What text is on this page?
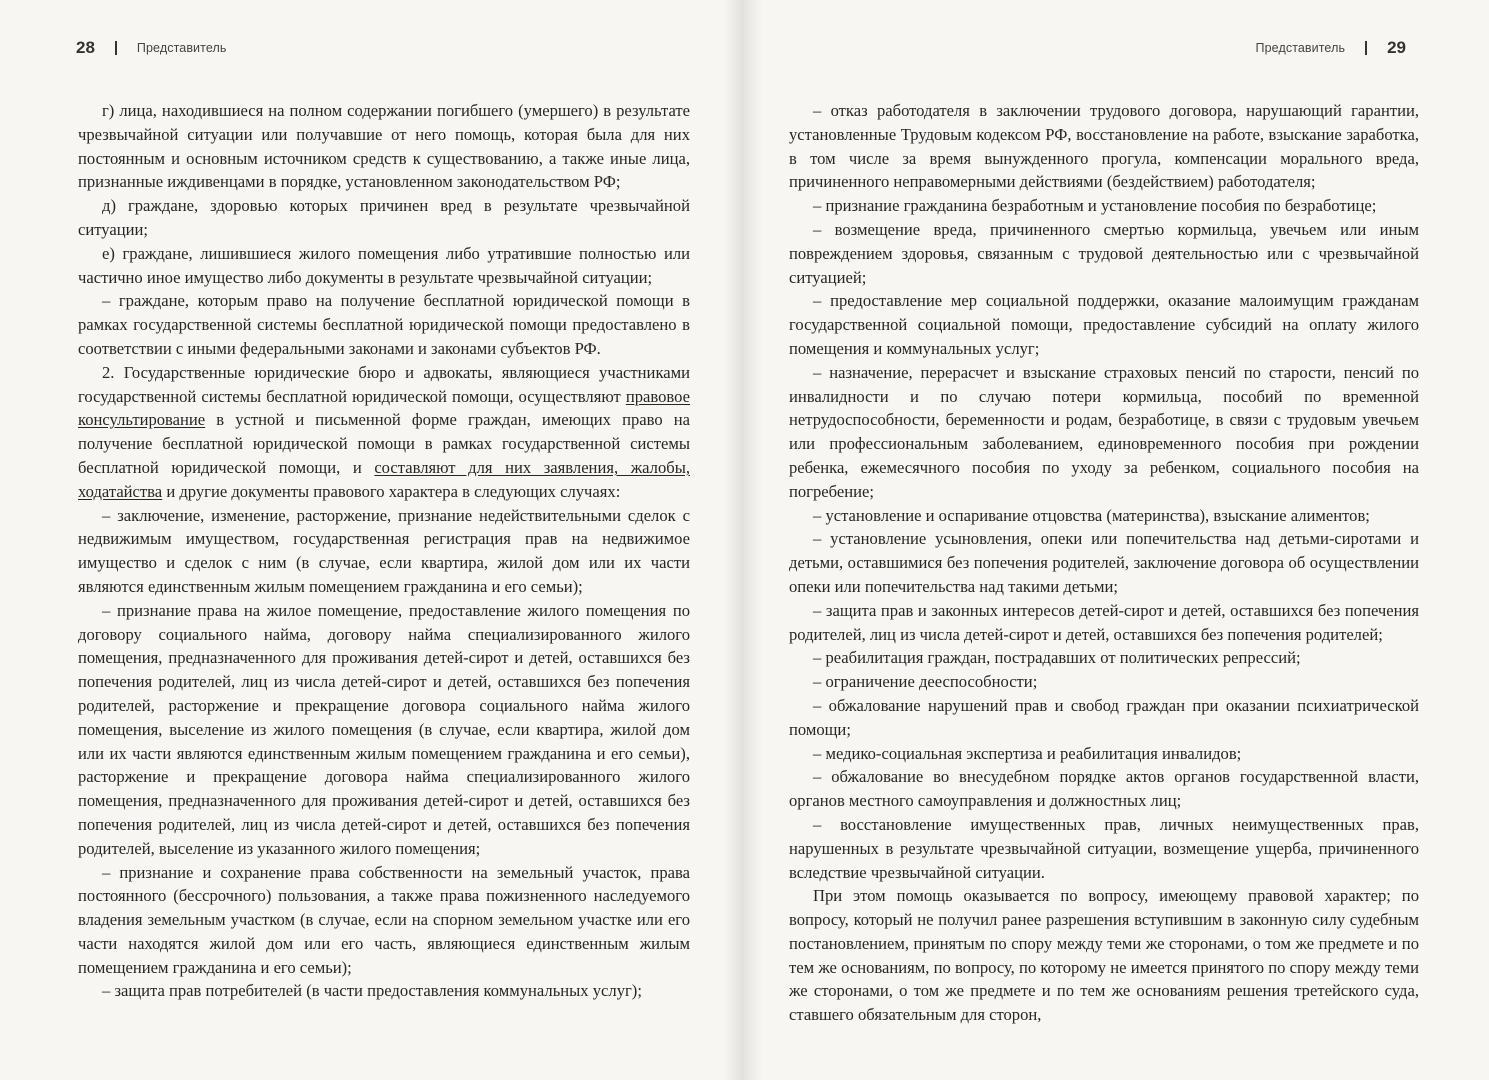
28	Представитель

г) лица, находившиеся на полном содержании погибшего (умершего) в результате чрезвычайной ситуации или получавшие от него помощь, которая была для них постоянным и основным источником средств к существованию, а также иные лица, признанные иждивенцами в порядке, установленном законодательством РФ;

д) граждане, здоровью которых причинен вред в результате чрезвычайной ситуации;

е) граждане, лишившиеся жилого помещения либо утратившие полностью или частично иное имущество либо документы в результате чрезвычайной ситуации;

– граждане, которым право на получение бесплатной юридической помощи в рамках государственной системы бесплатной юридической помощи предоставлено в соответствии с иными федеральными законами и законами субъектов РФ.

2. Государственные юридические бюро и адвокаты, являющиеся участниками государственной системы бесплатной юридической помощи, осуществляют правовое консультирование в устной и письменной форме граждан, имеющих право на получение бесплатной юридической помощи в рамках государственной системы бесплатной юридической помощи, и составляют для них заявления, жалобы, ходатайства и другие документы правового характера в следующих случаях:

– заключение, изменение, расторжение, признание недействительными сделок с недвижимым имуществом, государственная регистрация прав на недвижимое имущество и сделок с ним (в случае, если квартира, жилой дом или их части являются единственным жилым помещением гражданина и его семьи);

– признание права на жилое помещение, предоставление жилого помещения по договору социального найма, договору найма специализированного жилого помещения, предназначенного для проживания детей-сирот и детей, оставшихся без попечения родителей, лиц из числа детей-сирот и детей, оставшихся без попечения родителей, расторжение и прекращение договора социального найма жилого помещения, выселение из жилого помещения (в случае, если квартира, жилой дом или их части являются единственным жилым помещением гражданина и его семьи), расторжение и прекращение договора найма специализированного жилого помещения, предназначенного для проживания детей-сирот и детей, оставшихся без попечения родителей, лиц из числа детей-сирот и детей, оставшихся без попечения родителей, выселение из указанного жилого помещения;

– признание и сохранение права собственности на земельный участок, права постоянного (бессрочного) пользования, а также права пожизненного наследуемого владения земельным участком (в случае, если на спорном земельном участке или его части находятся жилой дом или его часть, являющиеся единственным жилым помещением гражданина и его семьи);

– защита прав потребителей (в части предоставления коммунальных услуг);

Представитель 29

– отказ работодателя в заключении трудового договора, нарушающий гарантии, установленные Трудовым кодексом РФ, восстановление на работе, взыскание заработка, в том числе за время вынужденного прогула, компенсации морального вреда, причиненного неправомерными действиями (бездействием) работодателя;

– признание гражданина безработным и установление пособия по безработице;

– возмещение вреда, причиненного смертью кормильца, увечьем или иным повреждением здоровья, связанным с трудовой деятельностью или с чрезвычайной ситуацией;

– предоставление мер социальной поддержки, оказание малоимущим гражданам государственной социальной помощи, предоставление субсидий на оплату жилого помещения и коммунальных услуг;

– назначение, перерасчет и взыскание страховых пенсий по старости, пенсий по инвалидности и по случаю потери кормильца, пособий по временной нетрудоспособности, беременности и родам, безработице, в связи с трудовым увечьем или профессиональным заболеванием, единовременного пособия при рождении ребенка, ежемесячного пособия по уходу за ребенком, социального пособия на погребение;

– установление и оспаривание отцовства (материнства), взыскание алиментов;

– установление усыновления, опеки или попечительства над детьми-сиротами и детьми, оставшимися без попечения родителей, заключение договора об осуществлении опеки или попечительства над такими детьми;

– защита прав и законных интересов детей-сирот и детей, оставшихся без попечения родителей, лиц из числа детей-сирот и детей, оставшихся без попечения родителей;

– реабилитация граждан, пострадавших от политических репрессий;

– ограничение дееспособности;

– обжалование нарушений прав и свобод граждан при оказании психиатрической помощи;

– медико-социальная экспертиза и реабилитация инвалидов;

– обжалование во внесудебном порядке актов органов государственной власти, органов местного самоуправления и должностных лиц;

– восстановление имущественных прав, личных неимущественных прав, нарушенных в результате чрезвычайной ситуации, возмещение ущерба, причиненного вследствие чрезвычайной ситуации.

При этом помощь оказывается по вопросу, имеющему правовой характер; по вопросу, который не получил ранее разрешения вступившим в законную силу судебным постановлением, принятым по спору между теми же сторонами, о том же предмете и по тем же основаниям, по вопросу, по которому не имеется принятого по спору между теми же сторонами, о том же предмете и по тем же основаниям решения третейского суда, ставшего обязательным для сторон,
